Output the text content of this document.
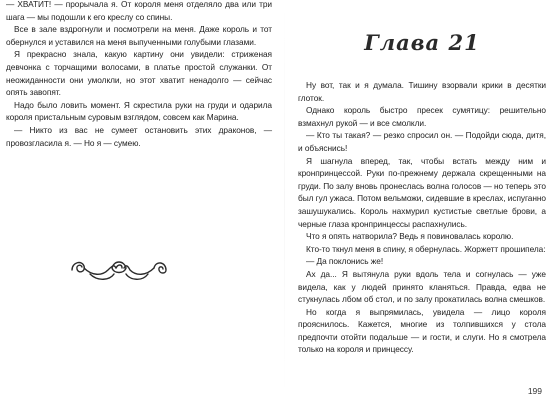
— ХВАТИТ! — прорычала я. От короля меня отделяло два или три шага — мы подошли к его креслу со спины.

Все в зале вздрогнули и посмотрели на меня. Даже король и тот обернулся и уставился на меня выпученными голубыми глазами.

Я прекрасно знала, какую картину они увидели: стриженая девчонка с торчащими волосами, в платье простой служанки. От неожиданности они умолкли, но этот хватит ненадолго — сейчас опять завопят.

Надо было ловить момент. Я скрестила руки на груди и одарила короля пристальным суровым взглядом, совсем как Марина.

— Никто из вас не сумеет остановить этих драконов, — провозгласила я. — Но я — сумею.

Глава 21

Ну вот, так и я думала. Тишину взорвали крики в десятки глоток.

Однако король быстро пресек сумятицу: решительно взмахнул рукой — и все смолкли.

— Кто ты такая? — резко спросил он. — Подойди сюда, дитя, и объяснись!

Я шагнула вперед, так, чтобы встать между ним и кронпринцессой. Руки по-прежнему держала скрещенными на груди. По залу вновь пронеслась волна голосов — но теперь это был гул ужаса. Потом вельможи, сидевшие в креслах, испуганно зашушукались. Король нахмурил кустистые светлые брови, а черные глаза кронпринцессы распахнулись.

Что я опять натворила? Ведь я повиновалась королю.

Кто-то ткнул меня в спину, я обернулась. Жоржетт прошипела:

— Да поклонись же!

Ах да... Я вытянула руки вдоль тела и согнулась — уже видела, как у людей принято кланяться. Правда, едва не стукнулась лбом об стол, и по залу прокатилась волна смешков.

Но когда я выпрямилась, увидела — лицо короля прояснилось. Кажется, многие из толпившихся у стола предпочти отойти подальше — и гости, и слуги. Но я смотрела только на короля и принцессу.

199
